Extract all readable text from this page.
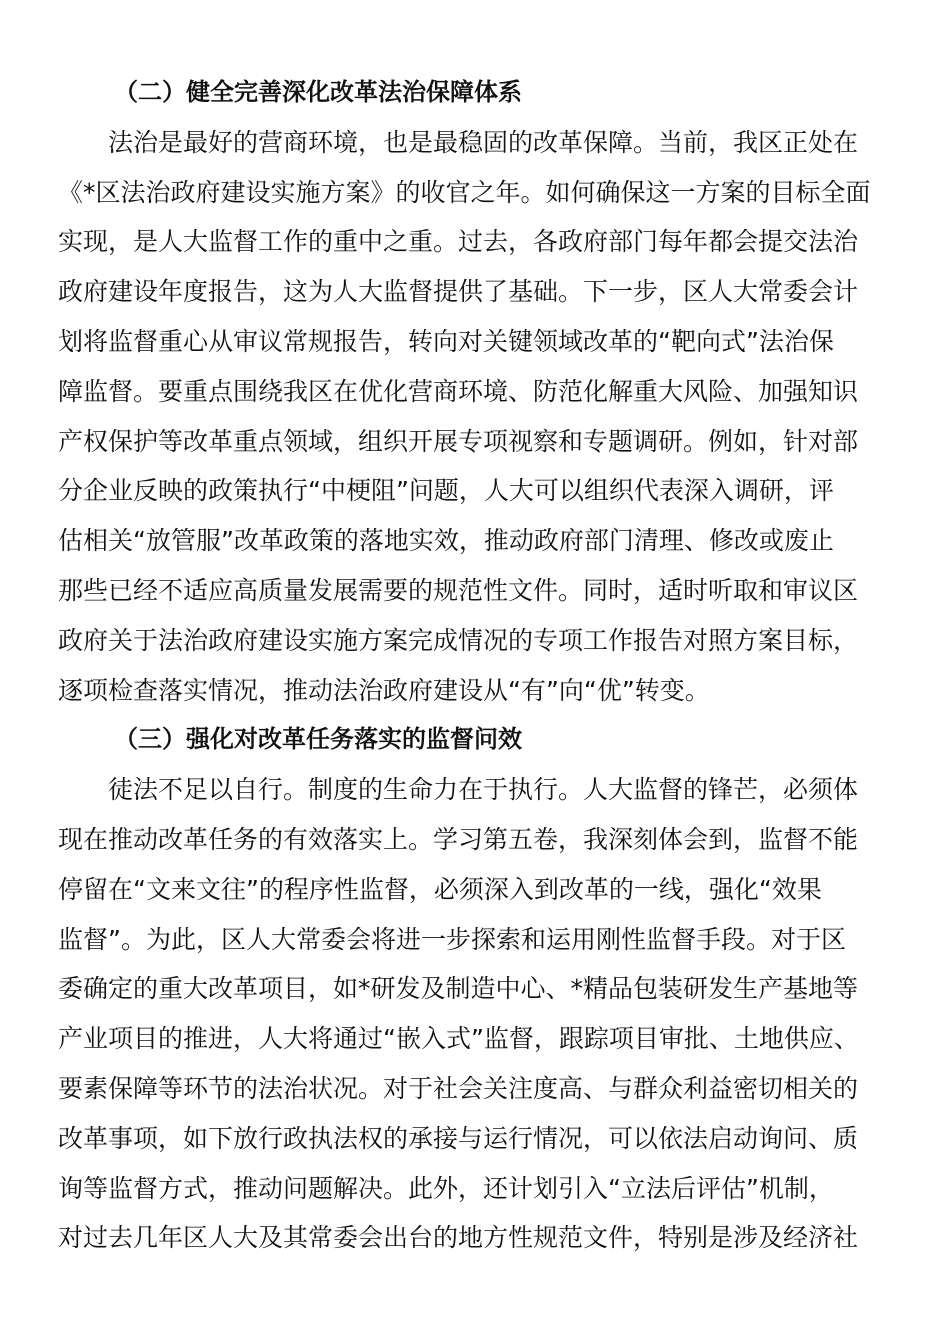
（二）健全完善深化改革法治保障体系

法治是最好的营商环境，也是最稳固的改革保障。当前，我区正处在

《*区法治政府建设实施方案》的收官之年。如何确保这一方案的目标全面

实现，是人大监督工作的重中之重。过去，各政府部门每年都会提交法治

政府建设年度报告，这为人大监督提供了基础。下一步，区人大常委会计

划将监督重心从审议常规报告，转向对关键领域改革的“靶向式”法治保

障监督。要重点围绕我区在优化营商环境、防范化解重大风险、加强知识

产权保护等改革重点领域，组织开展专项视察和专题调研。例如，针对部

分企业反映的政策执行“中梗阻”问题，人大可以组织代表深入调研，评

估相关“放管服”改革政策的落地实效，推动政府部门清理、修改或废止

那些已经不适应高质量发展需要的规范性文件。同时，适时听取和审议区

政府关于法治政府建设实施方案完成情况的专项工作报告对照方案目标，

逐项检查落实情况，推动法治政府建设从“有”向“优”转变。

（三）强化对改革任务落实的监督问效

徒法不足以自行。制度的生命力在于执行。人大监督的锋芒，必须体

现在推动改革任务的有效落实上。学习第五卷，我深刻体会到，监督不能

停留在“文来文往”的程序性监督，必须深入到改革的一线，强化“效果

监督”。为此，区人大常委会将进一步探索和运用刚性监督手段。对于区

委确定的重大改革项目，如*研发及制造中心、*精品包装研发生产基地等

产业项目的推进，人大将通过“嵌入式”监督，跟踪项目审批、土地供应、

要素保障等环节的法治状况。对于社会关注度高、与群众利益密切相关的

改革事项，如下放行政执法权的承接与运行情况，可以依法启动询问、质

询等监督方式，推动问题解决。此外，还计划引入“立法后评估”机制，

对过去几年区人大及其常委会出台的地方性规范文件，特别是涉及经济社
